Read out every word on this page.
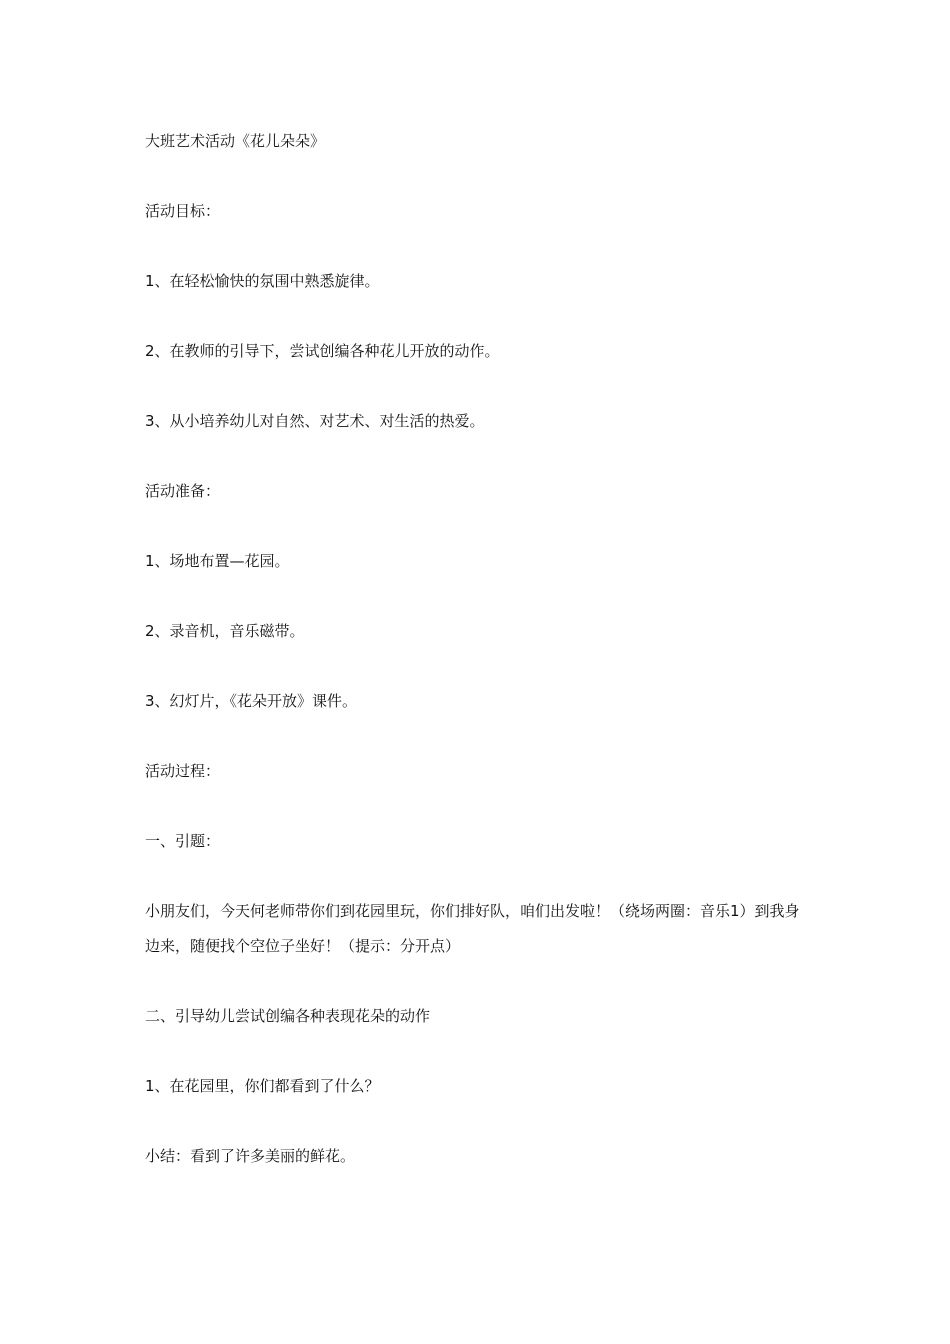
大班艺术活动《花儿朵朵》

活动目标：

1、在轻松愉快的氛围中熟悉旋律。

2、在教师的引导下，尝试创编各种花儿开放的动作。

3、从小培养幼儿对自然、对艺术、对生活的热爱。

活动准备：

1、场地布置—花园。

2、录音机，音乐磁带。

3、幻灯片，《花朵开放》课件。

活动过程：

一、引题：

小朋友们，今天何老师带你们到花园里玩，你们排好队，咱们出发啦！（绕场两圈：音乐1）到我身边来，随便找个空位子坐好！（提示：分开点）

二、引导幼儿尝试创编各种表现花朵的动作

1、在花园里，你们都看到了什么？

小结：看到了许多美丽的鲜花。
